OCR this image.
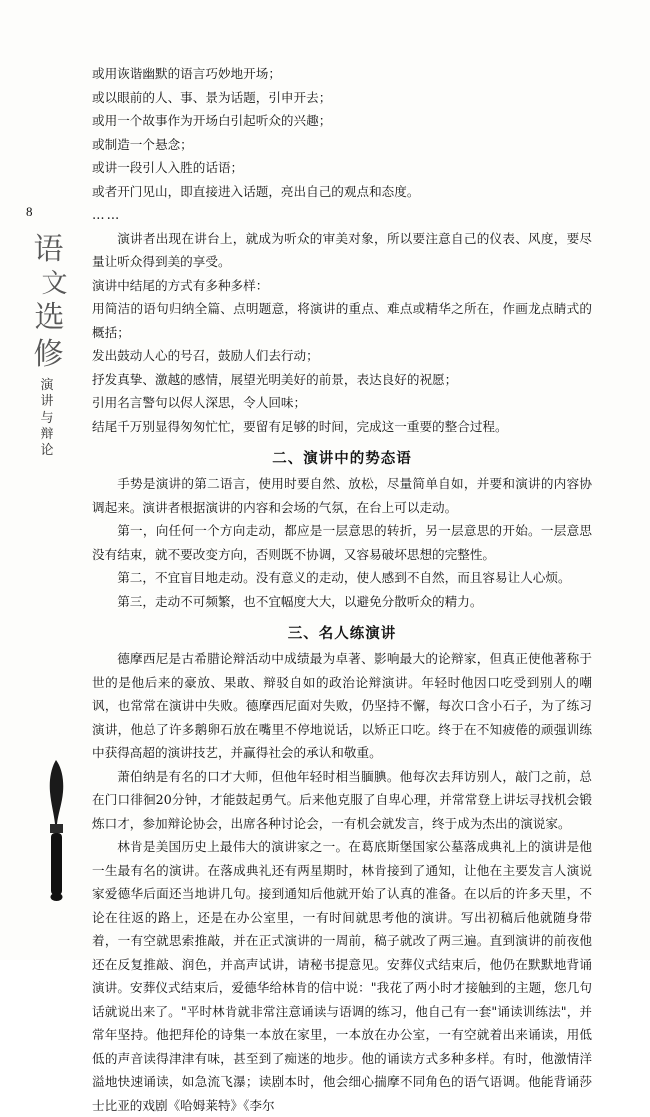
8
语
文
选
修
演讲与辩论
或用诙谐幽默的语言巧妙地开场；
或以眼前的人、事、景为话题，引申开去；
或用一个故事作为开场白引起听众的兴趣；
或制造一个悬念；
或讲一段引人入胜的话语；
或者开门见山，即直接进入话题，亮出自己的观点和态度。
……

演讲者出现在讲台上，就成为听众的审美对象，所以要注意自己的仪表、风度，要尽量让听众得到美的享受。

演讲中结尾的方式有多种多样：
用简洁的语句归纳全篇、点明题意，将演讲的重点、难点或精华之所在，作画龙点睛式的概括；
发出鼓动人心的号召，鼓励人们去行动；
抒发真挚、激越的感情，展望光明美好的前景，表达良好的祝愿；
引用名言警句以侭人深思，令人回味；
结尾千万别显得匆匆忙忙，要留有足够的时间，完成这一重要的整合过程。
二、演讲中的势态语

手势是演讲的第二语言，使用时要自然、放松，尽量简单自如，并要和演讲的内容协调起来。演讲者根据演讲的内容和会场的气氛，在台上可以走动。

第一，向任何一个方向走动，都应是一层意思的转折，另一层意思的开始。一层意思没有结束，就不要改变方向，否则既不协调，又容易破坏思想的完整性。

第二，不宜盲目地走动。没有意义的走动，使人感到不自然，而且容易让人心烦。

第三，走动不可频繁，也不宜幅度大大，以避免分散听众的精力。

三、名人练演讲

德摩西尼是古希腊论辩活动中成绩最为卓著、影响最大的论辩家，但真正使他著称于世的是他后来的豪放、果敢、辩驳自如的政治论辩演讲。年轻时他因口吃受到别人的嘲讽，也常常在演讲中失败。德摩西尼面对失败，仍坚持不懈，每次口含小石子，为了练习演讲，他总了许多鹅卵石放在嘴里不停地说话，以矫正口吃。终于在不知疲倦的顽强训练中获得高超的演讲技艺，并赢得社会的承认和敬重。

萧伯纳是有名的口才大师，但他年轻时相当腼腆。他每次去拜访别人，敲门之前，总在门口徘徊20分钟，才能鼓起勇气。后来他克服了自卑心理，并常常登上讲坛寻找机会锻炼口才，参加辩论协会，出席各种讨论会，一有机会就发言，终于成为杰出的演说家。

林肯是美国历史上最伟大的演讲家之一。在葛底斯堡国家公墓落成典礼上的演讲是他一生最有名的演讲。在落成典礼还有两星期时，林肯接到了通知，让他在主要发言人演说家爱德华后面还当地讲几句。接到通知后他就开始了认真的准备。在以后的许多天里，不论在往返的路上，还是在办公室里，一有时间就思考他的演讲。写出初稿后他就随身带着，一有空就思索推敲，并在正式演讲的一周前，稿子就改了两三遍。直到演讲的前夜他还在反复推敲、润色，并高声试讲，请秘书提意见。安葬仪式结束后，他仍在默默地背诵演讲。安葬仪式结束后，爱德华给林肯的信中说："我花了两小时才接触到的主题，您几句话就说出来了。"平时林肯就非常注意诵读与语调的练习，他自己有一套"诵读训练法"，并常年坚持。他把拜伦的诗集一本放在家里，一本放在办公室，一有空就着出来诵读，用低低的声音读得津津有味，甚至到了痴迷的地步。他的诵读方式多种多样。有时，他激情洋溢地快速诵读，如急流飞瀑；读剧本时，他会细心揣摩不同角色的语气语调。他能背诵莎士比亚的戏剧《哈姆莱特》《李尔
